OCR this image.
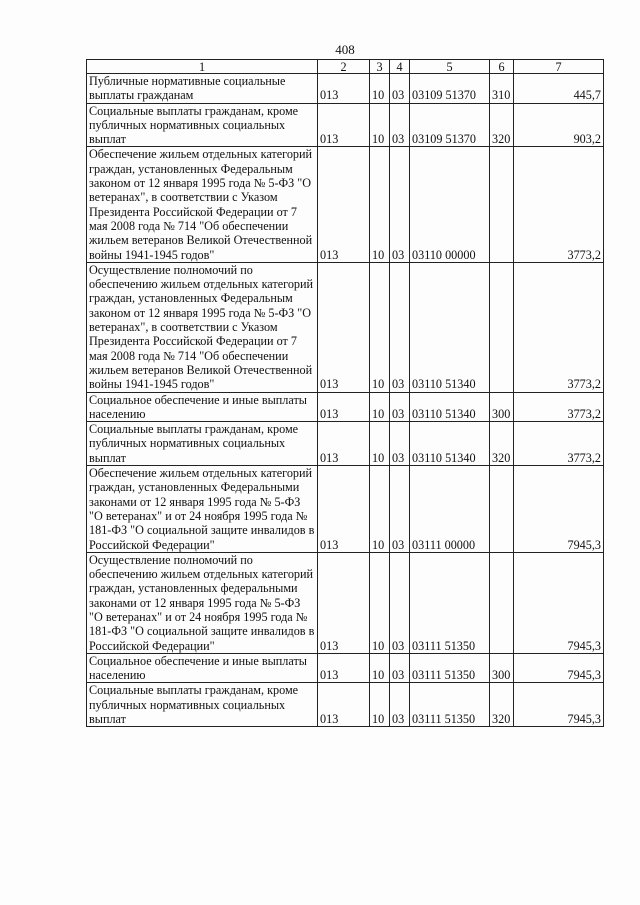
408
1	2	3	4	5	6	7

Публичные нормативные социальные выплаты гражданам	013	10	03	03109 51370	310	445,7

Социальные выплаты гражданам, кроме публичных нормативных социальных выплат	013	10	03	03109 51370	320	903,2

Обеспечение жильем отдельных категорий граждан, установленных Федеральным законом от 12 января 1995 года № 5-ФЗ "О ветеранах", в соответствии с Указом Президента Российской Федерации от 7 мая 2008 года № 714 "Об обеспечении жильем ветеранов Великой Отечественной войны 1941-1945 годов"	013	10	03	03110 00000		3773,2

Осуществление полномочий по обеспечению жильем отдельных категорий граждан, установленных Федеральным законом от 12 января 1995 года № 5-ФЗ "О ветеранах", в соответствии с Указом Президента Российской Федерации от 7 мая 2008 года № 714 "Об обеспечении жильем ветеранов Великой Отечественной войны 1941-1945 годов"	013	10	03	03110 51340		3773,2

Социальное обеспечение и иные выплаты населению	013	10	03	03110 51340	300	3773,2

Социальные выплаты гражданам, кроме публичных нормативных социальных выплат	013	10	03	03110 51340	320	3773,2

Обеспечение жильем отдельных категорий граждан, установленных Федеральными законами от 12 января 1995 года № 5-ФЗ "О ветеранах" и от 24 ноября 1995 года № 181-ФЗ "О социальной защите инвалидов в Российской Федерации"	013	10	03	03111 00000		7945,3

Осуществление полномочий по обеспечению жильем отдельных категорий граждан, установленных федеральными законами от 12 января 1995 года № 5-ФЗ "О ветеранах" и от 24 ноября 1995 года № 181-ФЗ "О социальной защите инвалидов в Российской Федерации"	013	10	03	03111 51350		7945,3

Социальное обеспечение и иные выплаты населению	013	10	03	03111 51350	300	7945,3

Социальные выплаты гражданам, кроме публичных нормативных социальных выплат	013	10	03	03111 51350	320	7945,3
